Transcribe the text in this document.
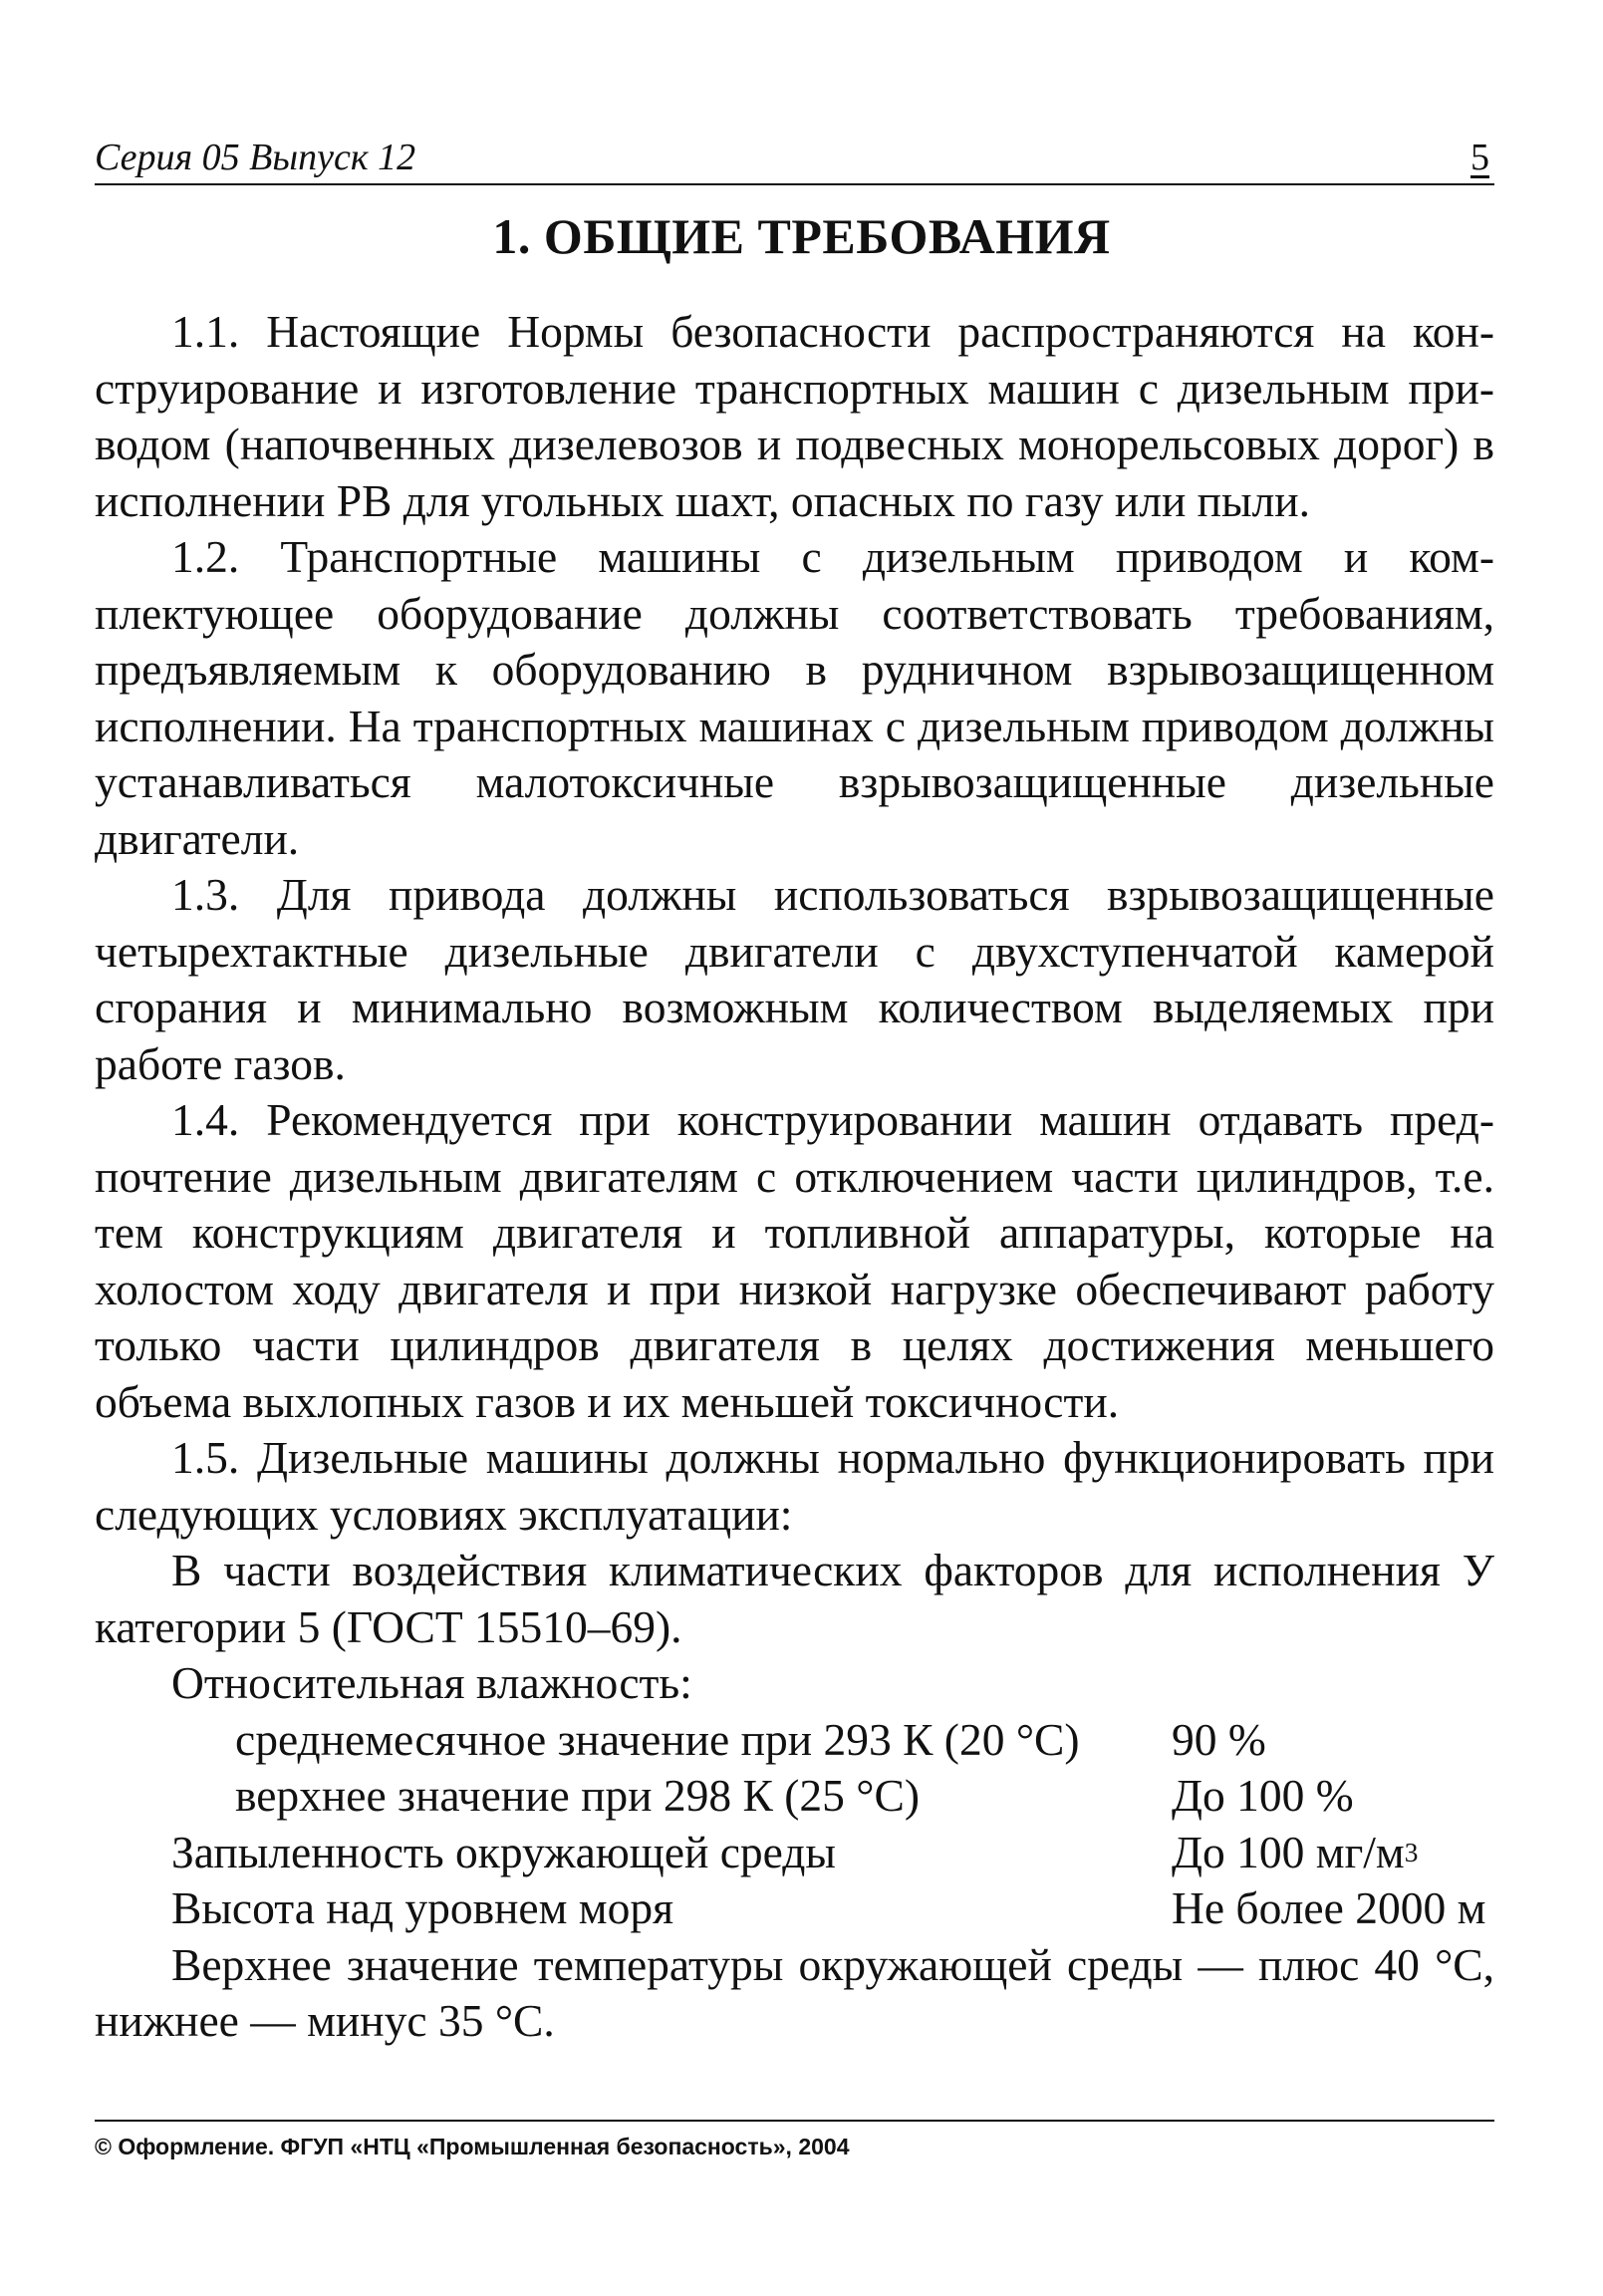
Серия 05 Выпуск 12	5
1. ОБЩИЕ ТРЕБОВАНИЯ

1.1. Настоящие Нормы безопасности распространяются на конструирование и изготовление транспортных машин с дизельным приводом (напочвенных дизелевозов и подвесных монорельсовых дорог) в исполнении РВ для угольных шахт, опасных по газу или пыли.

1.2. Транспортные машины с дизельным приводом и комплектующее оборудование должны соответствовать требованиям, предъявляемым к оборудованию в рудничном взрывозащищенном исполнении. На транспортных машинах с дизельным приводом должны устанавливаться малотоксичные взрывозащищенные дизельные двигатели.

1.3. Для привода должны использоваться взрывозащищенные четырехтактные дизельные двигатели с двухступенчатой камерой сгорания и минимально возможным количеством выделяемых при работе газов.

1.4. Рекомендуется при конструировании машин отдавать предпочтение дизельным двигателям с отключением части цилиндров, т.е. тем конструкциям двигателя и топливной аппаратуры, которые на холостом ходу двигателя и при низкой нагрузке обеспечивают работу только части цилиндров двигателя в целях достижения меньшего объема выхлопных газов и их меньшей токсичности.

1.5. Дизельные машины должны нормально функционировать при следующих условиях эксплуатации:

В части воздействия климатических факторов для исполнения У категории 5 (ГОСТ 15510–69).

Относительная влажность:

среднемесячное значение при 293 К (20 °С) 90 %
верхнее значение при 298 К (25 °С)	До 100 %
Запыленность окружающей среды	До 100 $мг/м^3$
Высота над уровнем моря	Не более 2000 м

Верхнее значение температуры окружающей среды — плюс 40 °С, нижнее — минус 35 °С.

© Оформление. ФГУП «НТЦ «Промышленная безопасность», 2004
